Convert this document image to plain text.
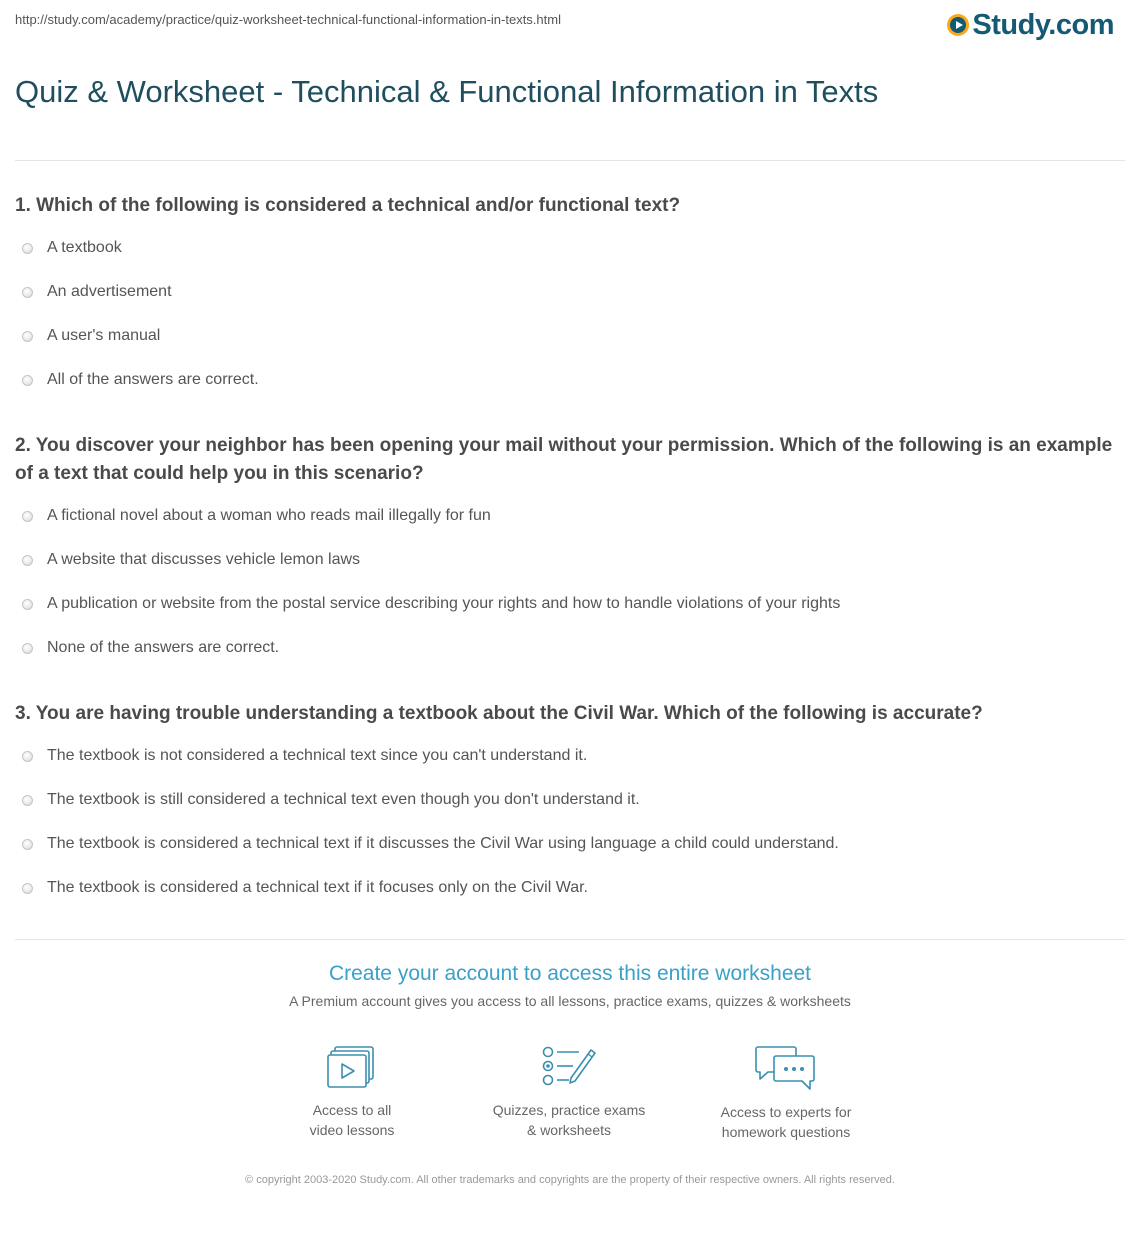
http://study.com/academy/practice/quiz-worksheet-technical-functional-information-in-texts.html	Study.com
Quiz & Worksheet - Technical & Functional Information in Texts
1. Which of the following is considered a technical and/or functional text?
A textbook
An advertisement
A user's manual
All of the answers are correct.
2. You discover your neighbor has been opening your mail without your permission. Which of the following is an example of a text that could help you in this scenario?
A fictional novel about a woman who reads mail illegally for fun
A website that discusses vehicle lemon laws
A publication or website from the postal service describing your rights and how to handle violations of your rights
None of the answers are correct.
3. You are having trouble understanding a textbook about the Civil War. Which of the following is accurate?
The textbook is not considered a technical text since you can't understand it.
The textbook is still considered a technical text even though you don't understand it.
The textbook is considered a technical text if it discusses the Civil War using language a child could understand.
The textbook is considered a technical text if it focuses only on the Civil War.
Create your account to access this entire worksheet
A Premium account gives you access to all lessons, practice exams, quizzes & worksheets
Access to all
video lessons
Quizzes, practice exams
& worksheets
Access to experts for
homework questions
© copyright 2003-2020 Study.com. All other trademarks and copyrights are the property of their respective owners. All rights reserved.
